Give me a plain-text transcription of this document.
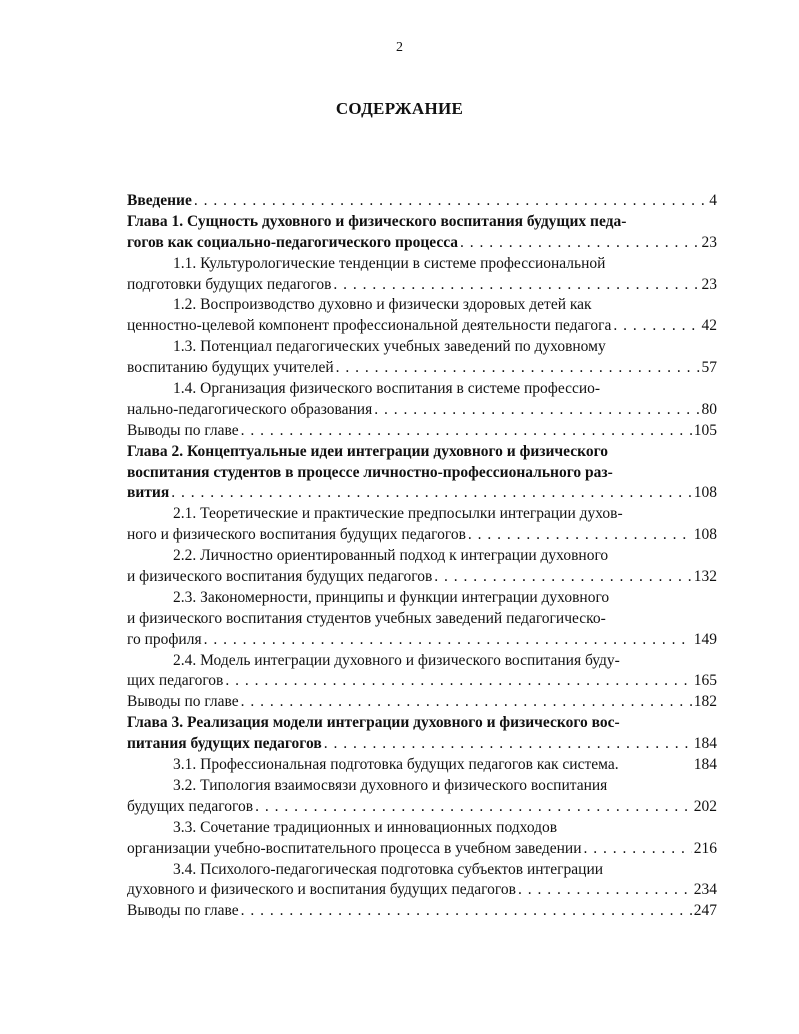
2
СОДЕРЖАНИЕ
Введение . . .	4
Глава 1. Сущность духовного и физического воспитания будущих педа-
гогов как социально-педагогического процесса . . .	23
1.1. Культурологические тенденции в системе профессиональной
подготовки будущих педагогов . . .	23
1.2. Воспроизводство духовно и физически здоровых детей как
ценностно-целевой компонент профессиональной деятельности педагога . . .	42
1.3. Потенциал педагогических учебных заведений по духовному
воспитанию будущих учителей . . .	57
1.4. Организация физического воспитания в системе профессио-
нально-педагогического образования . . .	80
Выводы по главе . . .	105
Глава 2. Концептуальные идеи интеграции духовного и физического
воспитания студентов в процессе личностно-профессионального раз-
вития . . .	108
2.1. Теоретические и практические предпосылки интеграции духов-
ного и физического воспитания будущих педагогов . . .	108
2.2. Личностно ориентированный подход к интеграции духовного
и физического воспитания будущих педагогов . . .	132
2.3. Закономерности, принципы и функции интеграции духовного
и физического воспитания студентов учебных заведений педагогическо-
го профиля . . .	149
2.4. Модель интеграции духовного и физического воспитания буду-
щих педагогов . . .	165
Выводы по главе . . .	182
Глава 3. Реализация модели интеграции духовного и физического вос-
питания будущих педагогов . . .	184
3.1. Профессиональная подготовка будущих педагогов как система.	184
3.2. Типология взаимосвязи духовного и физического воспитания
будущих педагогов . . .	202
3.3. Сочетание традиционных и инновационных подходов
организации учебно-воспитательного процесса в учебном заведении . . .	216
3.4. Психолого-педагогическая подготовка субъектов интеграции
духовного и физического и воспитания будущих педагогов . . .	234
Выводы по главе . . .	247
